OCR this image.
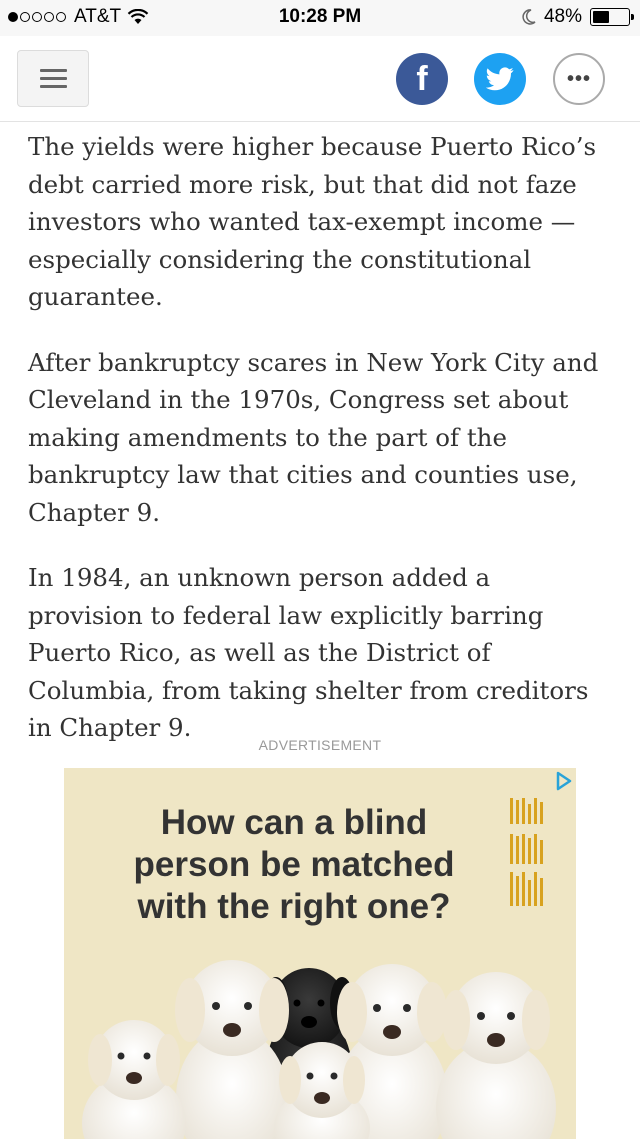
AT&T	10:28 PM	48%
f	•••

The yields were higher because Puerto Rico’s debt carried more risk, but that did not faze investors who wanted tax-exempt income — especially considering the constitutional guarantee.

After bankruptcy scares in New York City and Cleveland in the 1970s, Congress set about making amendments to the part of the bankruptcy law that cities and counties use, Chapter 9.

In 1984, an unknown person added a provision to federal law explicitly barring Puerto Rico, as well as the District of Columbia, from taking shelter from creditors in Chapter 9.

ADVERTISEMENT
How can a blind person be matched with the right one?
